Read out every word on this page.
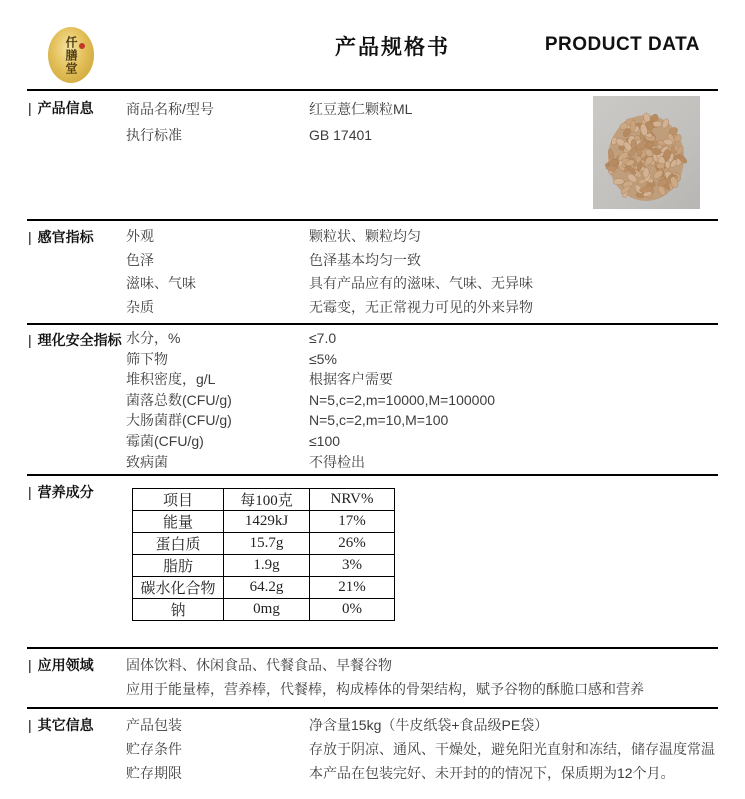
仟膳堂	产品规格书	PRODUCT DATA
| 产品信息 商品名称/型号	红豆薏仁颗粒ML
执行标准	GB 17401
| 感官指标 外观	颗粒状、颗粒均匀
色泽	色泽基本均匀一致
滋味、气味	具有产品应有的滋味、气味、无异味
杂质	无霉变，无正常视力可见的外来异物
| 理化安全指标 水分，%	≤7.0
筛下物	≤5%
堆积密度，g/L	根据客户需要
菌落总数(CFU/g)	N=5,c=2,m=10000,M=100000
大肠菌群(CFU/g)	N=5,c=2,m=10,M=100
霉菌(CFU/g)	≤100
致病菌	不得检出
| 营养成分
项目	每100克	NRV%
能量	1429kJ	17%
蛋白质	15.7g	26%
脂肪	1.9g	3%
碳水化合物	64.2g	21%
钠	0mg	0%
| 应用领域 固体饮料、休闲食品、代餐食品、早餐谷物
应用于能量棒，营养棒，代餐棒，构成棒体的骨架结构，赋予谷物的酥脆口感和营养
| 其它信息 产品包装	净含量15kg（牛皮纸袋+食品级PE袋）
贮存条件	存放于阴凉、通风、干燥处，避免阳光直射和冻结，储存温度常温
贮存期限	本产品在包装完好、未开封的的情况下，保质期为12个月。
